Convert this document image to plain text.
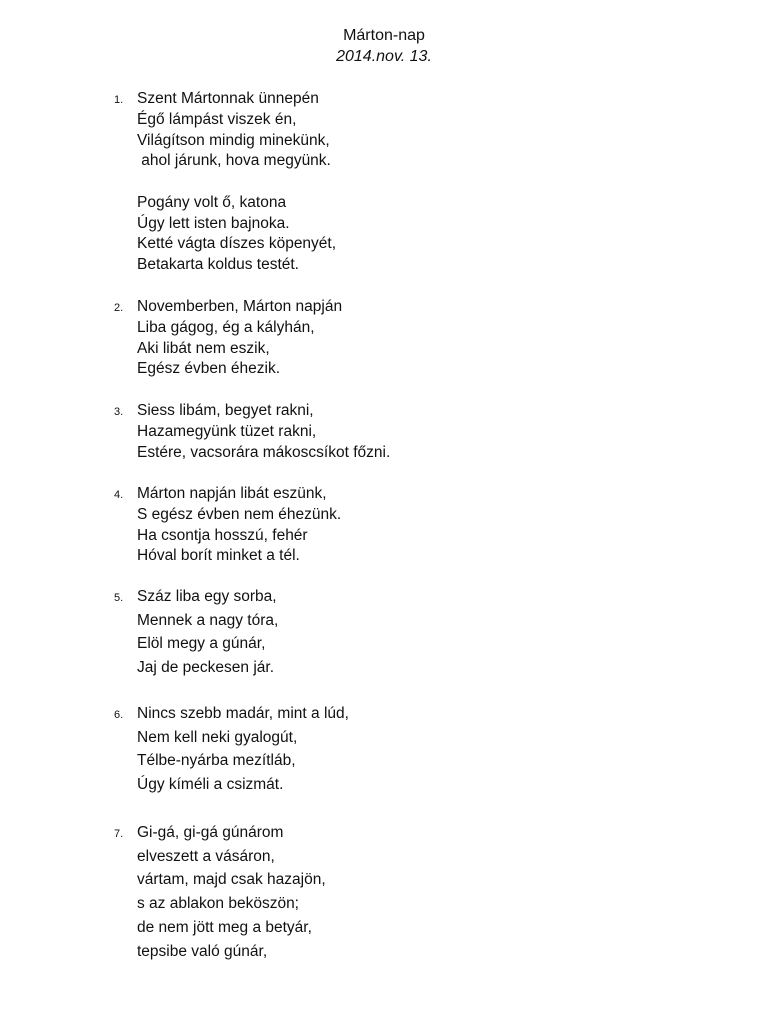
Márton-nap
2014.nov. 13.
1. Szent Mártonnak ünnepén
Égő lámpást viszek én,
Világítson mindig minekünk,
ahol járunk, hova megyünk.
Pogány volt ő, katona
Úgy lett isten bajnoka.
Ketté vágta díszes köpenyét,
Betakarta koldus testét.
2. Novemberben, Márton napján
Liba gágog, ég a kályhán,
Aki libát nem eszik,
Egész évben éhezik.
3. Siess libám, begyet rakni,
Hazamegyünk tüzet rakni,
Estére, vacsorára mákoscsíkot főzni.
4. Márton napján libát eszünk,
S egész évben nem éhezünk.
Ha csontja hosszú, fehér
Hóval borít minket a tél.
5. Száz liba egy sorba,
Mennek a nagy tóra,
Elöl megy a gúnár,
Jaj de peckesen jár.
6. Nincs szebb madár, mint a lúd,
Nem kell neki gyalogút,
Télbe-nyárba mezítláb,
Úgy kíméli a csizmát.
7. Gi-gá, gi-gá gúnárom
elveszett a vásáron,
vártam, majd csak hazajön,
s az ablakon beköszön;
de nem jött meg a betyár,
tepsibe való gúnár,
